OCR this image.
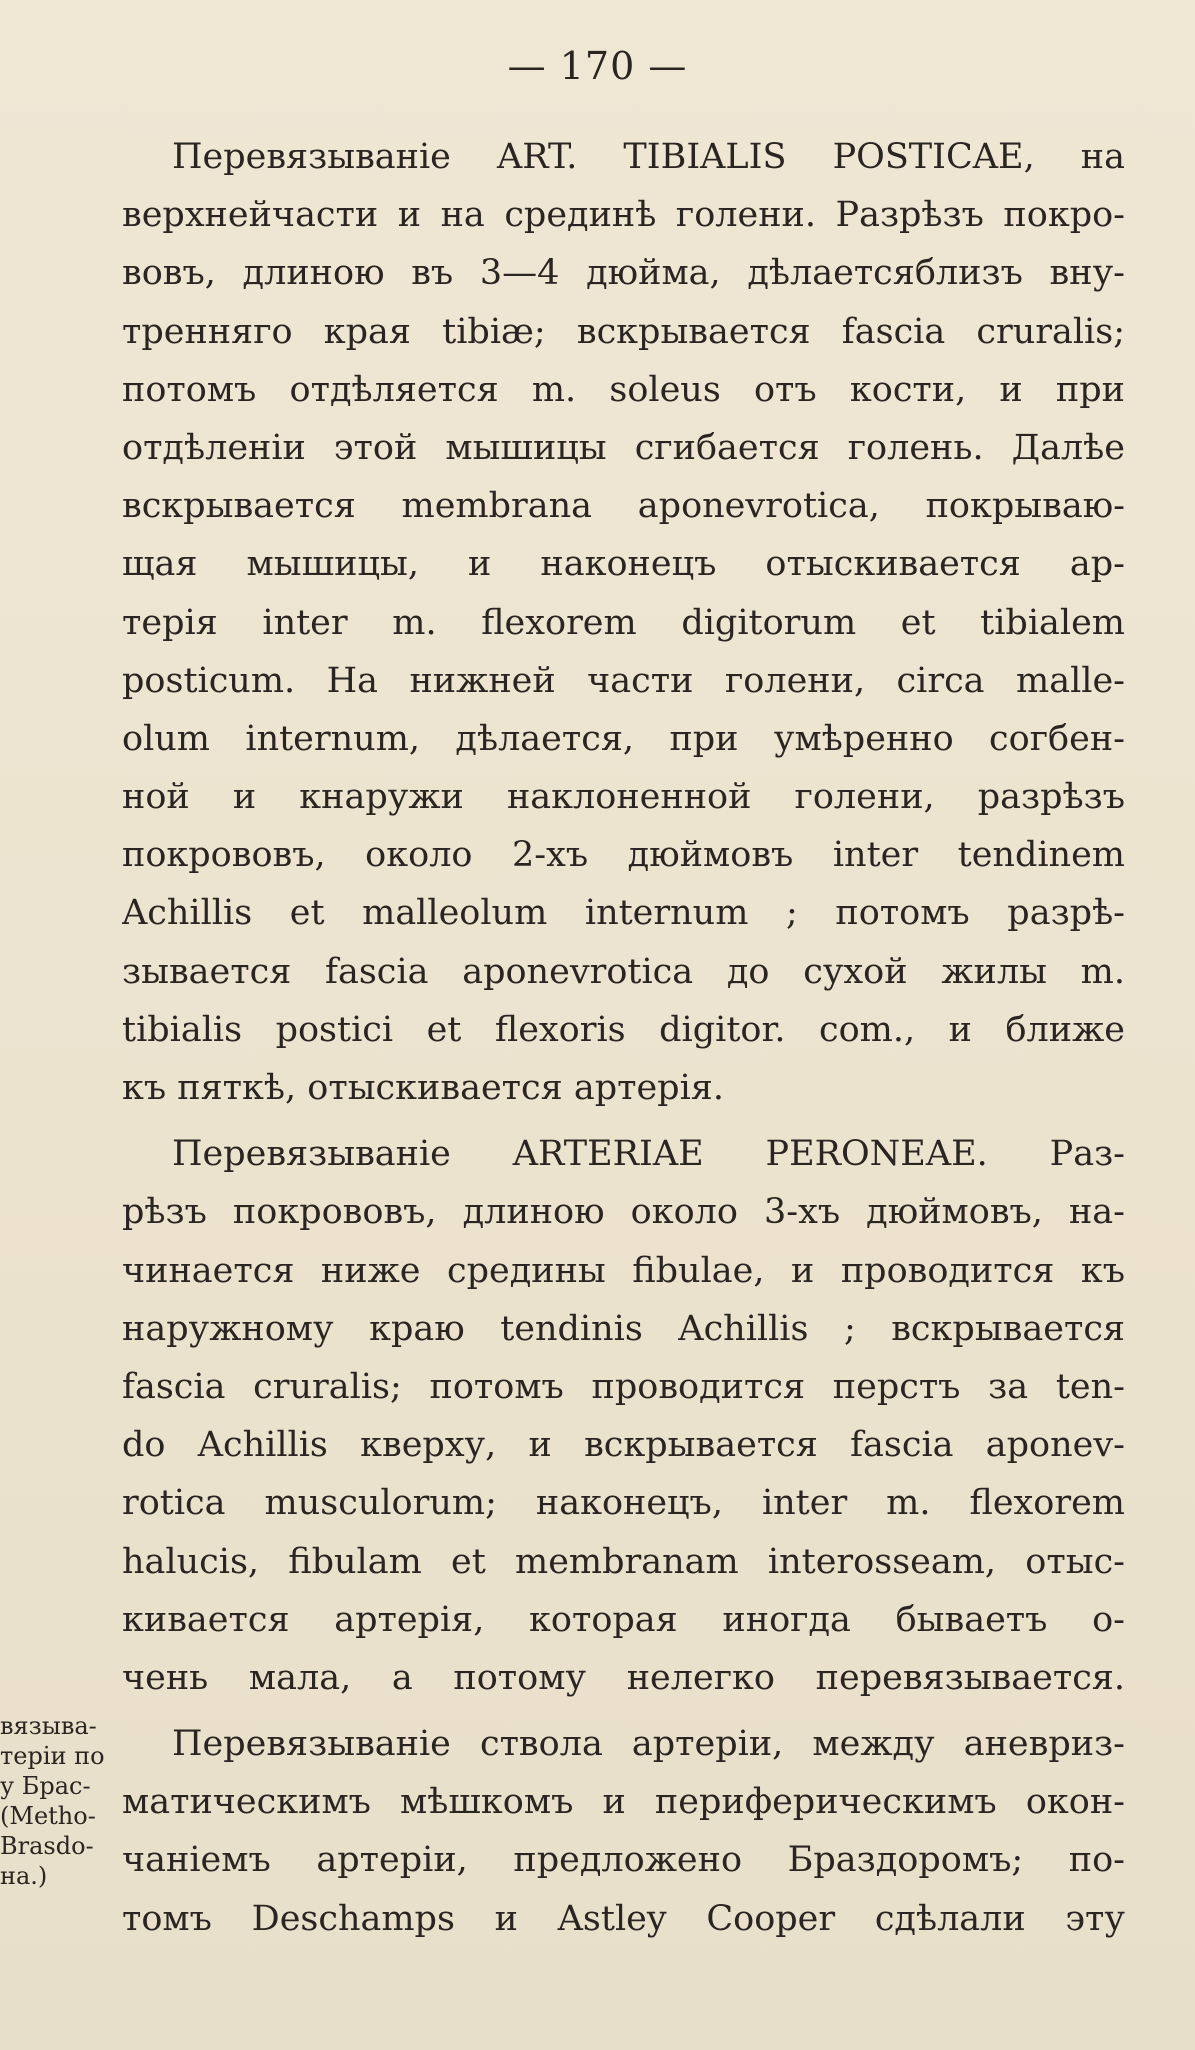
— 170 —
Перевязываніе ART. TIBIALIS POSTICAE, на
верхнейчасти и на срединѣ голени. Разрѣзъ покро-
вовъ, длиною въ 3—4 дюйма, дѣлаетсяблизъ вну-
тренняго края tibiæ; вскрывается fascia cruralis;
потомъ отдѣляется m. soleus отъ кости, и при
отдѣленіи этой мышицы сгибается голень. Далѣе
вскрывается membrana aponevrotica, покрываю-
щая мышицы, и наконецъ отыскивается ар-
терія inter m. flexorem digitorum et tibialem
posticum. На нижней части голени, circa malle-
olum internum, дѣлается, при умѣренно согбен-
ной и кнаружи наклоненной голени, разрѣзъ
покрововъ, около 2-хъ дюймовъ inter tendinem
Achillis et malleolum internum ; потомъ разрѣ-
зывается fascia aponevrotica до сухой жилы m.
tibialis postici et flexoris digitor. com., и ближе
къ пяткѣ, отыскивается артерія.
Перевязываніе ARTERIAE PERONEAE. Раз-
рѣзъ покрововъ, длиною около 3-хъ дюймовъ, на-
чинается ниже средины fibulae, и проводится къ
наружному краю tendinis Achillis ; вскрывается
fascia cruralis; потомъ проводится перстъ за ten-
do Achillis кверху, и вскрывается fascia aponev-
rotica musculorum; наконецъ, inter m. flexorem
halucis, fibulam et membranam interosseam, отыс-
кивается артерія, которая иногда бываетъ о-
чень мала, а потому нелегко перевязывается.
Перевязываніе ствола артеріи, между аневриз-
матическимъ мѣшкомъ и периферическимъ окон-
чаніемъ артеріи, предложено Браздоромъ; по-
томъ Deschamps и Astley Cooper сдѣлали эту
вязыва-
теріи по
у Брас-
(Metho-
Brasdo-
на.)
